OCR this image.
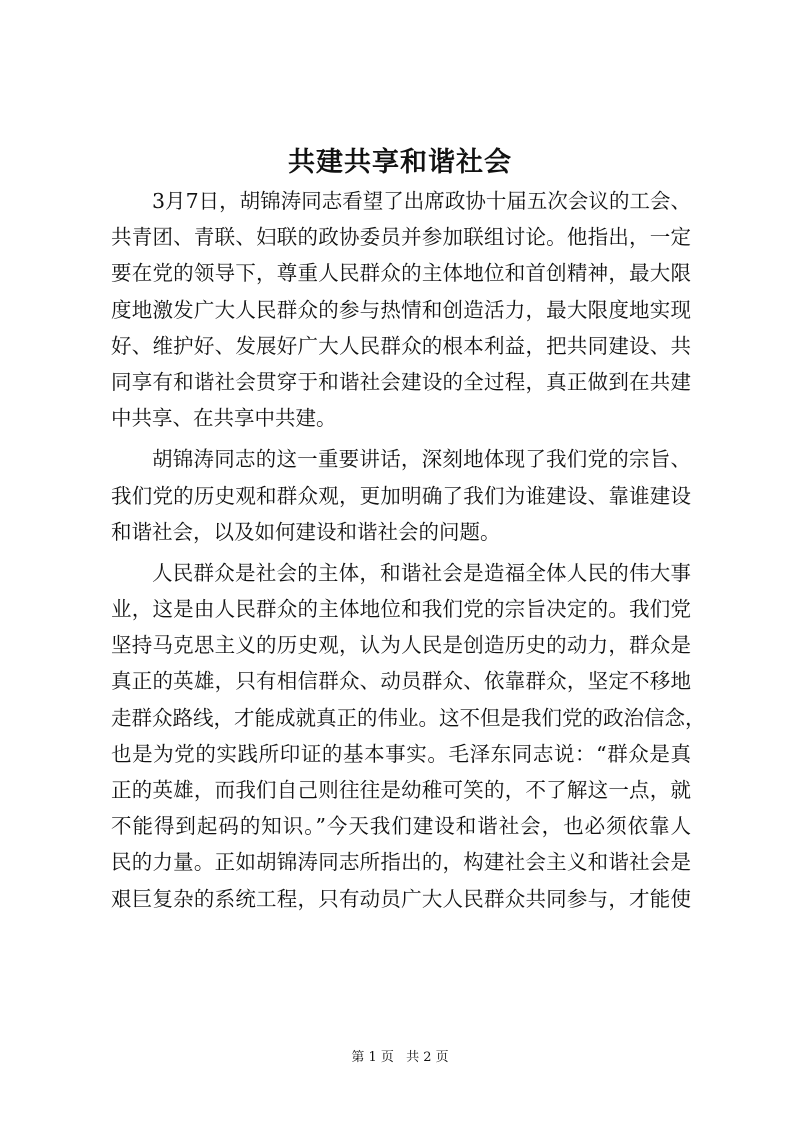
共建共享和谐社会
3月7日，胡锦涛同志看望了出席政协十届五次会议的工会、
共青团、青联、妇联的政协委员并参加联组讨论。他指出，一定
要在党的领导下，尊重人民群众的主体地位和首创精神，最大限
度地激发广大人民群众的参与热情和创造活力，最大限度地实现
好、维护好、发展好广大人民群众的根本利益，把共同建设、共
同享有和谐社会贯穿于和谐社会建设的全过程，真正做到在共建
中共享、在共享中共建。
胡锦涛同志的这一重要讲话，深刻地体现了我们党的宗旨、
我们党的历史观和群众观，更加明确了我们为谁建设、靠谁建设
和谐社会，以及如何建设和谐社会的问题。
人民群众是社会的主体，和谐社会是造福全体人民的伟大事
业，这是由人民群众的主体地位和我们党的宗旨决定的。我们党
坚持马克思主义的历史观，认为人民是创造历史的动力，群众是
真正的英雄，只有相信群众、动员群众、依靠群众，坚定不移地
走群众路线，才能成就真正的伟业。这不但是我们党的政治信念，
也是为党的实践所印证的基本事实。毛泽东同志说：“群众是真
正的英雄，而我们自己则往往是幼稚可笑的，不了解这一点，就
不能得到起码的知识。”今天我们建设和谐社会，也必须依靠人
民的力量。正如胡锦涛同志所指出的，构建社会主义和谐社会是
艰巨复杂的系统工程，只有动员广大人民群众共同参与，才能使
第 1 页 共 2 页
